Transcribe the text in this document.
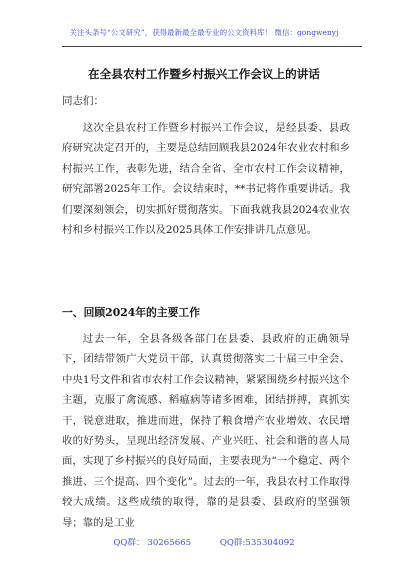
关注头条号“公文研究”，获得最新最全最专业的公文资料库！ 微信：gongwenyj
在全县农村工作暨乡村振兴工作会议上的讲话
同志们：

这次全县农村工作暨乡村振兴工作会议，是经县委、县政府研究决定召开的，主要是总结回顾我县2024年农业农村和乡村振兴工作，表彰先进，结合全省、全市农村工作会议精神，研究部署2025年工作。会议结束时，**书记将作重要讲话。我们要深刻领会，切实抓好贯彻落实。下面我就我县2024农业农村和乡村振兴工作以及2025具体工作安排讲几点意见。

一、回顾2024年的主要工作

过去一年，全县各级各部门在县委、县政府的正确领导下，团结带领广大党员干部，认真贯彻落实二十届三中全会、中央1号文件和省市农村工作会议精神，紧紧围绕乡村振兴这个主题，克服了禽流感、稻瘟病等诸多困难，团结拼搏，真抓实干，锐意进取，推进而进，保持了粮食增产农业增效、农民增收的好势头，呈现出经济发展、产业兴旺、社会和谐的喜人局面，实现了乡村振兴的良好局面，主要表现为“一个稳定、两个推进、三个提高、四个变化”。过去的一年，我县农村工作取得较大成绩。这些成绩的取得，靠的是县委、县政府的坚强领导；靠的是工业

QQ群： 30265665	QQ群:535304092
